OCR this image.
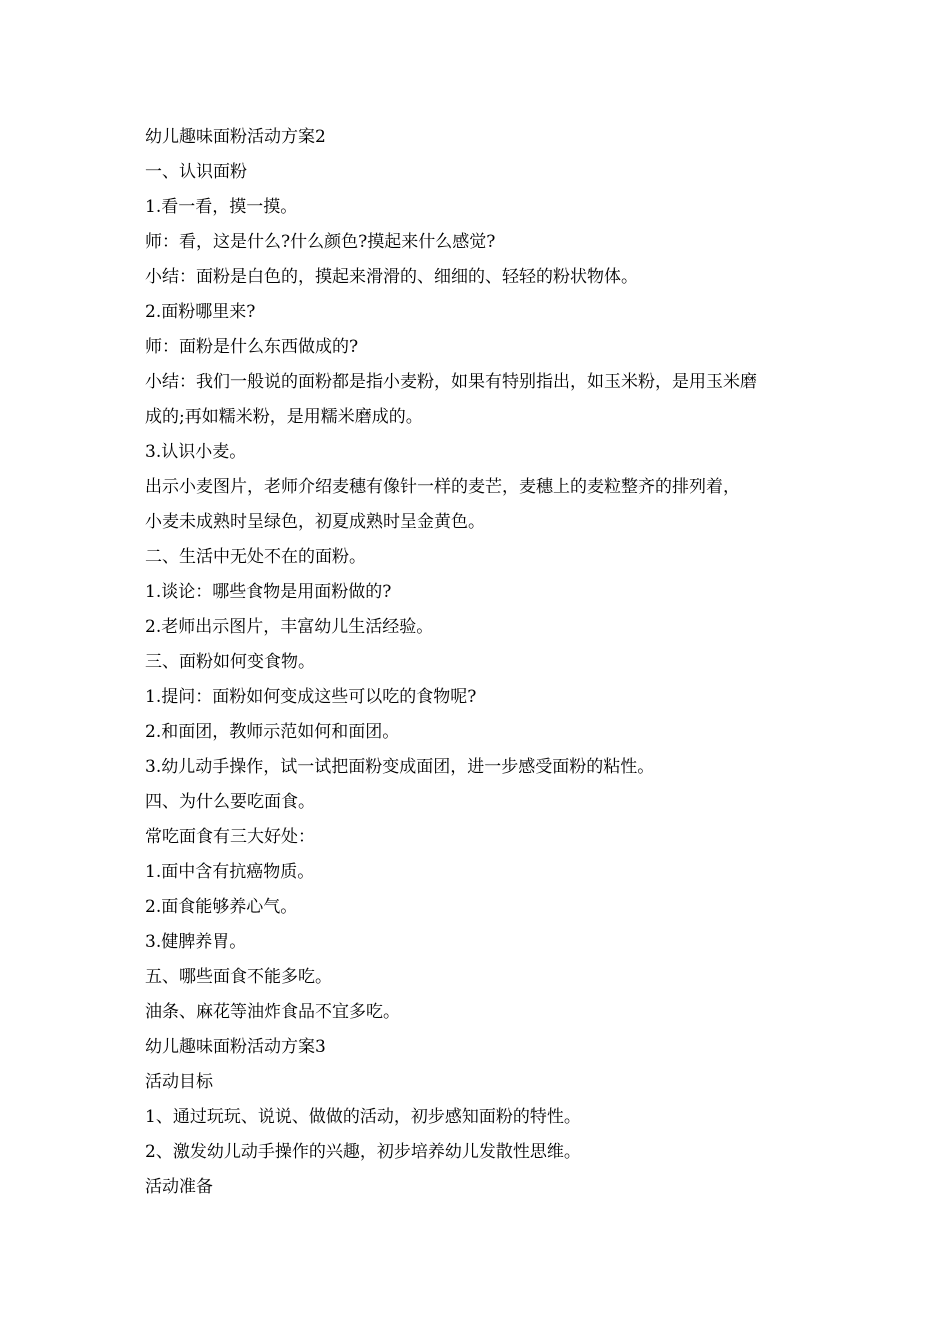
幼儿趣味面粉活动方案2
一、认识面粉
1.看一看，摸一摸。
师：看，这是什么?什么颜色?摸起来什么感觉?
小结：面粉是白色的，摸起来滑滑的、细细的、轻轻的粉状物体。
2.面粉哪里来?
师：面粉是什么东西做成的?
小结：我们一般说的面粉都是指小麦粉，如果有特别指出，如玉米粉，是用玉米磨
成的;再如糯米粉，是用糯米磨成的。
3.认识小麦。
出示小麦图片，老师介绍麦穗有像针一样的麦芒，麦穗上的麦粒整齐的排列着，
小麦未成熟时呈绿色，初夏成熟时呈金黄色。
二、生活中无处不在的面粉。
1.谈论：哪些食物是用面粉做的?
2.老师出示图片，丰富幼儿生活经验。
三、面粉如何变食物。
1.提问：面粉如何变成这些可以吃的食物呢?
2.和面团，教师示范如何和面团。
3.幼儿动手操作，试一试把面粉变成面团，进一步感受面粉的粘性。
四、为什么要吃面食。
常吃面食有三大好处：
1.面中含有抗癌物质。
2.面食能够养心气。
3.健脾养胃。
五、哪些面食不能多吃。
油条、麻花等油炸食品不宜多吃。
幼儿趣味面粉活动方案3
活动目标
1、通过玩玩、说说、做做的活动，初步感知面粉的特性。
2、激发幼儿动手操作的兴趣，初步培养幼儿发散性思维。
活动准备
